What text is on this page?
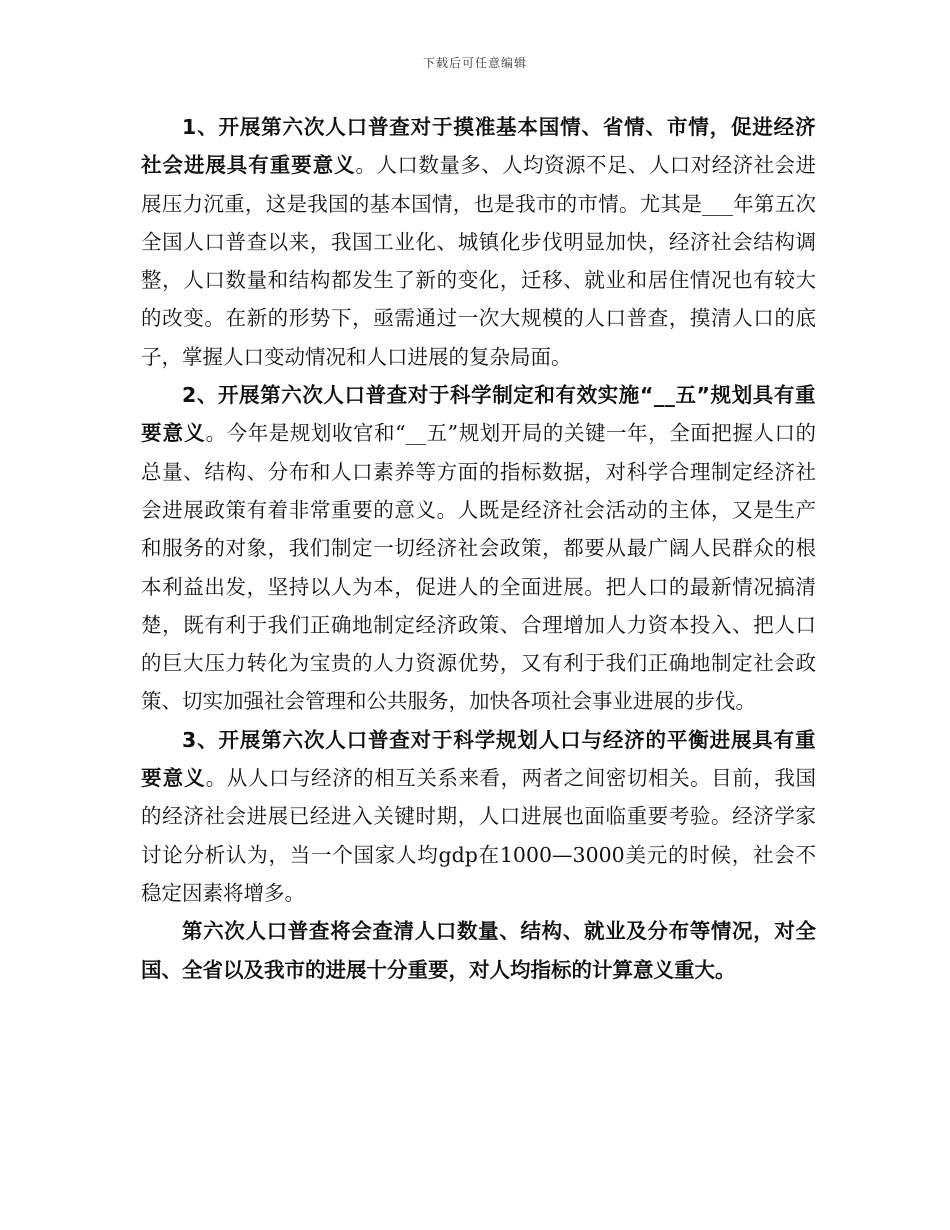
下载后可任意编辑

1、开展第六次人口普查对于摸准基本国情、省情、市情，促进经济社会进展具有重要意义。人口数量多、人均资源不足、人口对经济社会进展压力沉重，这是我国的基本国情，也是我市的市情。尤其是___年第五次全国人口普查以来，我国工业化、城镇化步伐明显加快，经济社会结构调整，人口数量和结构都发生了新的变化，迁移、就业和居住情况也有较大的改变。在新的形势下，亟需通过一次大规模的人口普查，摸清人口的底子，掌握人口变动情况和人口进展的复杂局面。

2、开展第六次人口普查对于科学制定和有效实施“__五”规划具有重要意义。今年是规划收官和“__五”规划开局的关键一年，全面把握人口的总量、结构、分布和人口素养等方面的指标数据，对科学合理制定经济社会进展政策有着非常重要的意义。人既是经济社会活动的主体，又是生产和服务的对象，我们制定一切经济社会政策，都要从最广阔人民群众的根本利益出发，坚持以人为本，促进人的全面进展。把人口的最新情况搞清楚，既有利于我们正确地制定经济政策、合理增加人力资本投入、把人口的巨大压力转化为宝贵的人力资源优势，又有利于我们正确地制定社会政策、切实加强社会管理和公共服务，加快各项社会事业进展的步伐。

3、开展第六次人口普查对于科学规划人口与经济的平衡进展具有重要意义。从人口与经济的相互关系来看，两者之间密切相关。目前，我国的经济社会进展已经进入关键时期，人口进展也面临重要考验。经济学家讨论分析认为，当一个国家人均gdp在1000—3000美元的时候，社会不稳定因素将增多。

第六次人口普查将会查清人口数量、结构、就业及分布等情况，对全国、全省以及我市的进展十分重要，对人均指标的计算意义重大。
